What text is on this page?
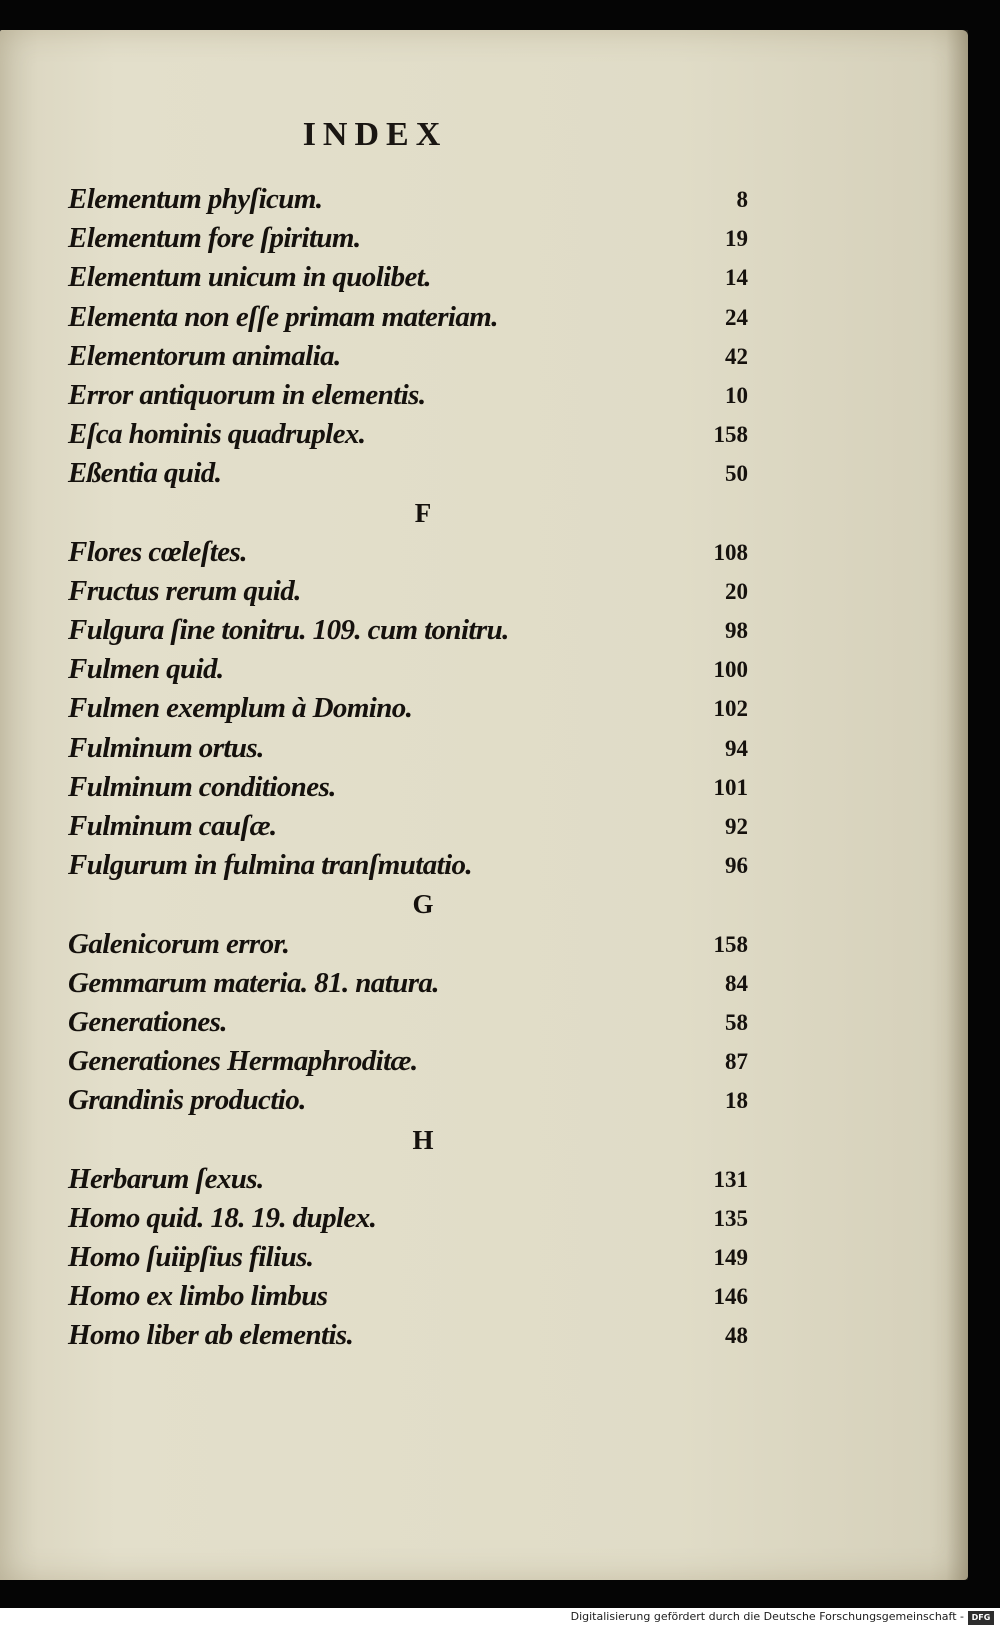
INDEX
Elementum phyſicum.	8
Elementum fore ſpiritum.	19
Elementum unicum in quolibet.	14
Elementa non eſſe primam materiam.	24
Elementorum animalia.	42
Error antiquorum in elementis.	10
Eſca hominis quadruplex.	158
Eßentia quid.	50
F
Flores cœleſtes.	108
Fructus rerum quid.	20
Fulgura ſine tonitru. 109. cum tonitru.	98
Fulmen quid.	100
Fulmen exemplum à Domino.	102
Fulminum ortus.	94
Fulminum conditiones.	101
Fulminum cauſæ.	92
Fulgurum in fulmina tranſmutatio.	96
G
Galenicorum error.	158
Gemmarum materia. 81. natura.	84
Generationes.	58
Generationes Hermaphroditæ.	87
Grandinis productio.	18
H
Herbarum ſexus.	131
Homo quid. 18. 19. duplex.	135
Homo ſuiipſius filius.	149
Homo ex limbo limbus	146
Homo liber ab elementis.	48
Digitalisierung gefördert durch die Deutsche Forschungsgemeinschaft - DFG
